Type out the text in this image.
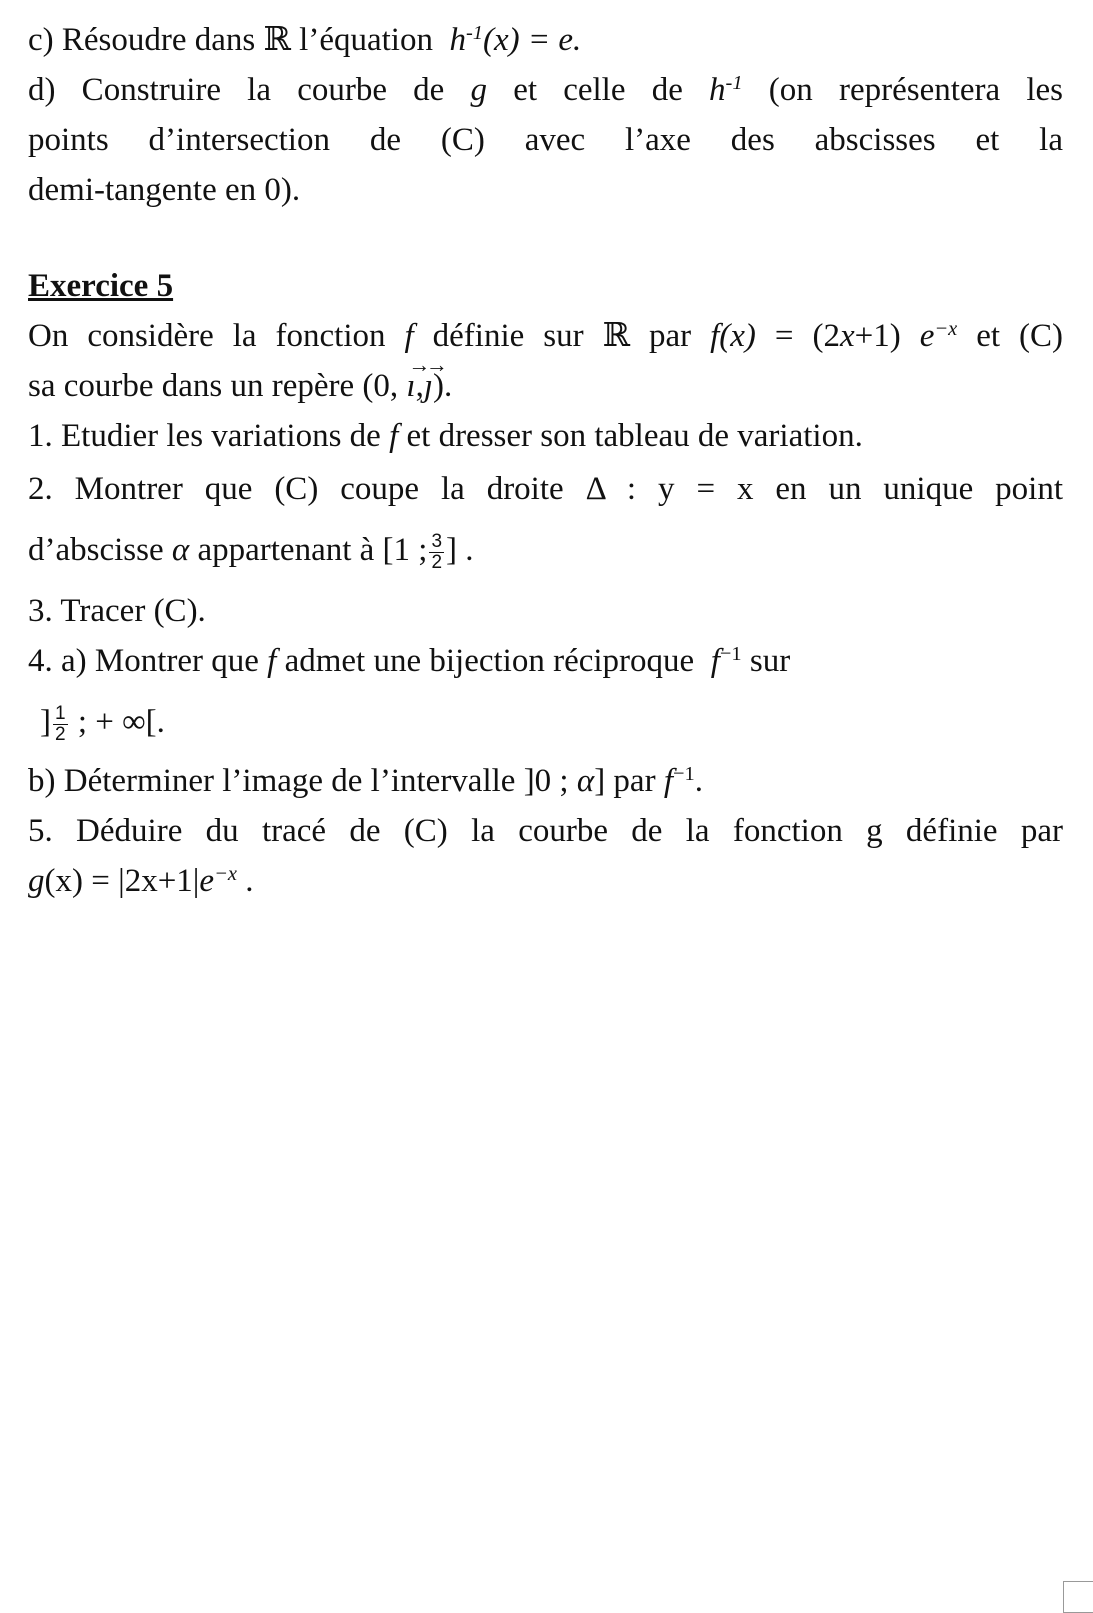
c) Résoudre dans ℝ l’équation $h^{-1}(x) = e$.
d) Construire la courbe de g et celle de $h^{-1}$ (on représentera les
points d’intersection de (C) avec l’axe des abscisses et la
demi-tangente en 0).
Exercice 5
On considère la fonction f définie sur ℝ par f(x) = (2x+1) $e^{-x}$ et (C)
sa courbe dans un repère (0,
→
ı,
→
ȷ).
1. Etudier les variations de f et dresser son tableau de variation.
2. Montrer que (C) coupe la droite Δ : y = x en un unique point
d’abscisse α appartenant à [1 ; $\frac{3}{2}$ ] .
3. Tracer (C).
4. a) Montrer que f admet une bijection réciproque $f^{-1}$ sur
] $\frac{1}{2}$ ; + ∞[.
b) Déterminer l’image de l’intervalle ]0 ; α] par $f^{-1}$.
5. Déduire du tracé de (C) la courbe de la fonction g définie par
$g(x) = |2x+1|e^{-x}$ .
